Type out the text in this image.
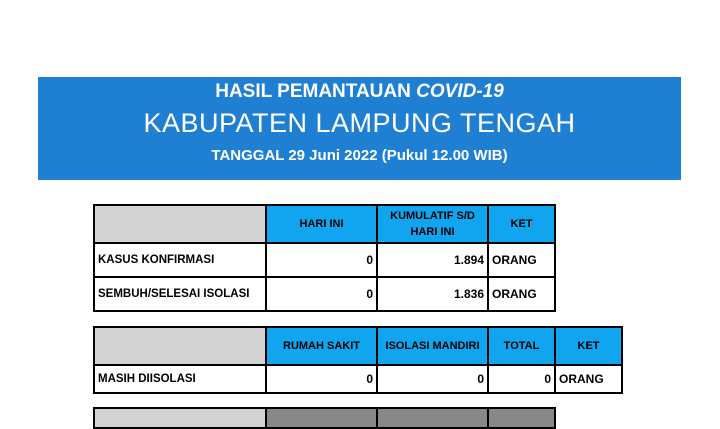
HASIL PEMANTAUAN COVID-19
KABUPATEN LAMPUNG TENGAH
TANGGAL 29 Juni 2022 (Pukul 12.00 WIB)
	HARI INI	KUMULATIF S/D HARI INI	KET
KASUS KONFIRMASI	0	1.894	ORANG
SEMBUH/SELESAI ISOLASI	0	1.836	ORANG
	RUMAH SAKIT	ISOLASI MANDIRI	TOTAL	KET
MASIH DIISOLASI	0	0	0	ORANG
